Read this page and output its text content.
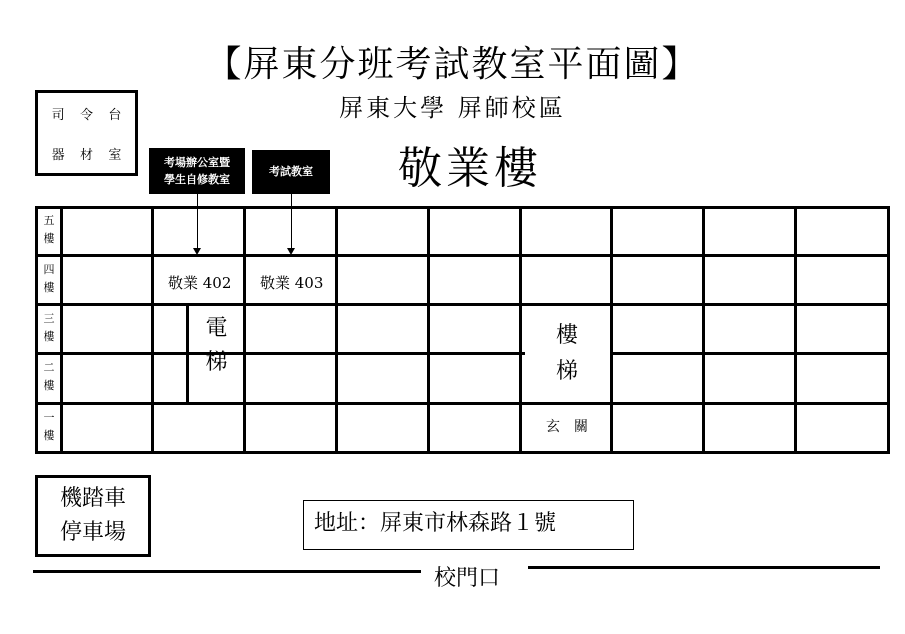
【屏東分班考試教室平面圖】
屏東大學 屏師校區
敬業樓
司 令 台
器 材 室	考場辦公室暨
學生自修教室
考試教室
五
樓
四
樓
三
樓
二
樓
一
樓
敬業 402 敬業 403
電
梯
樓
梯
玄　關
機踏車
停車場	地址：屏東市林森路１號
校門口
